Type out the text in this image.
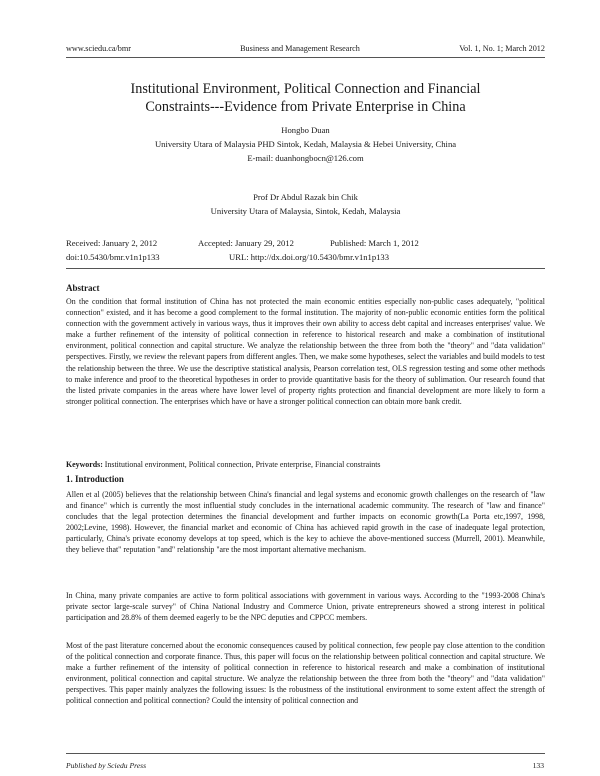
www.sciedu.ca/bmr	Business and Management Research	Vol. 1, No. 1; March 2012
Institutional Environment, Political Connection and Financial
Constraints---Evidence from Private Enterprise in China
Hongbo Duan
University Utara of Malaysia PHD Sintok, Kedah, Malaysia & Hebei University, China
E-mail: duanhongbocn@126.com
Prof Dr Abdul Razak bin Chik
University Utara of Malaysia, Sintok, Kedah, Malaysia
Received: January 2, 2012	Accepted: January 29, 2012	Published: March 1, 2012
doi:10.5430/bmr.v1n1p133	URL: http://dx.doi.org/10.5430/bmr.v1n1p133
Abstract

On the condition that formal institution of China has not protected the main economic entities especially non-public cases adequately, "political connection" existed, and it has become a good complement to the formal institution. The majority of non-public economic entities form the political connection with the government actively in various ways, thus it improves their own ability to access debt capital and increases enterprises' value. We make a further refinement of the intensity of political connection in reference to historical research and make a combination of institutional environment, political connection and capital structure. We analyze the relationship between the three from both the "theory" and "data validation" perspectives. Firstly, we review the relevant papers from different angles. Then, we make some hypotheses, select the variables and build models to test the relationship between the three. We use the descriptive statistical analysis, Pearson correlation test, OLS regression testing and some other methods to make inference and proof to the theoretical hypotheses in order to provide quantitative basis for the theory of sublimation. Our research found that the listed private companies in the areas where have lower level of property rights protection and financial development are more likely to form a stronger political connection. The enterprises which have or have a stronger political connection can obtain more bank credit.

Keywords: Institutional environment, Political connection, Private enterprise, Financial constraints
1. Introduction

Allen et al (2005) believes that the relationship between China's financial and legal systems and economic growth challenges on the research of "law and finance" which is currently the most influential study concludes in the international academic community. The research of "law and finance" concludes that the legal protection determines the financial development and further impacts on economic growth(La Porta etc,1997, 1998, 2002;Levine, 1998). However, the financial market and economic of China has achieved rapid growth in the case of inadequate legal protection, particularly, China's private economy develops at top speed, which is the key to achieve the above-mentioned success (Murrell, 2001). Meanwhile, they believe that" reputation "and" relationship "are the most important alternative mechanism.

In China, many private companies are active to form political associations with government in various ways. According to the "1993-2008 China's private sector large-scale survey" of China National Industry and Commerce Union, private entrepreneurs showed a strong interest in political participation and 28.8% of them deemed eagerly to be the NPC deputies and CPPCC members.

Most of the past literature concerned about the economic consequences caused by political connection, few people pay close attention to the condition of the political connection and corporate finance. Thus, this paper will focus on the relationship between political connection and capital structure. We make a further refinement of the intensity of political connection in reference to historical research and make a combination of institutional environment, political connection and capital structure. We analyze the relationship between the three from both the "theory" and "data validation" perspectives. This paper mainly analyzes the following issues: Is the robustness of the institutional environment to some extent affect the strength of political connection and political connection? Could the intensity of political connection and

Published by Sciedu Press	133
